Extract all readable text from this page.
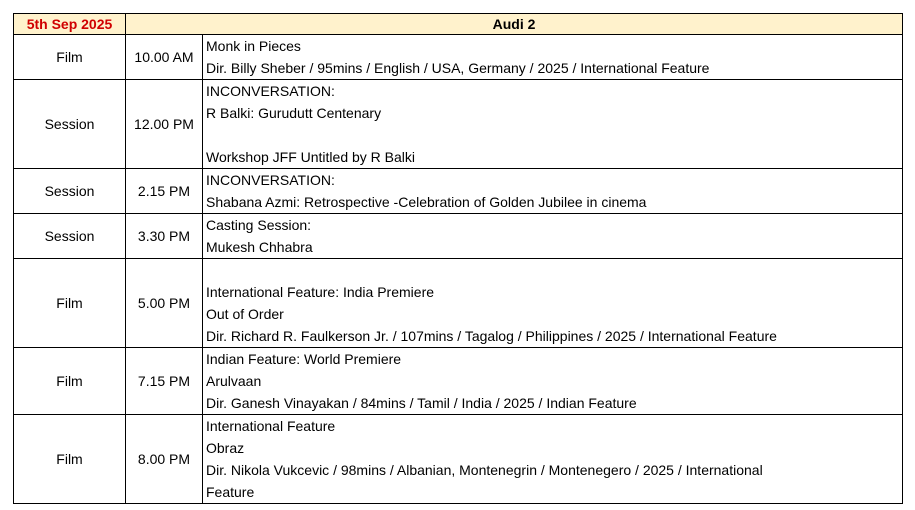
5th Sep 2025	Audi 2	
Film	10.00 AM	Monk in Pieces
Dir. Billy Sheber / 95mins / English / USA, Germany / 2025 / International Feature

Session	12.00 PM	INCONVERSATION:
R Balki: Gurudutt Centenary
Workshop JFF Untitled by R Balki

Session	2.15 PM	INCONVERSATION:
Shabana Azmi: Retrospective -Celebration of Golden Jubilee in cinema

Session	3.30 PM	Casting Session:
Mukesh Chhabra

Film	5.00 PM	International Feature: India Premiere
Out of Order
Dir. Richard R. Faulkerson Jr. / 107mins / Tagalog / Philippines / 2025 / International Feature

Film	7.15 PM	Indian Feature: World Premiere
Arulvaan
Dir. Ganesh Vinayakan / 84mins / Tamil / India / 2025 / Indian Feature

Film	8.00 PM	International Feature
Obraz
Dir. Nikola Vukcevic / 98mins / Albanian, Montenegrin / Montenegero / 2025 / International
Feature
